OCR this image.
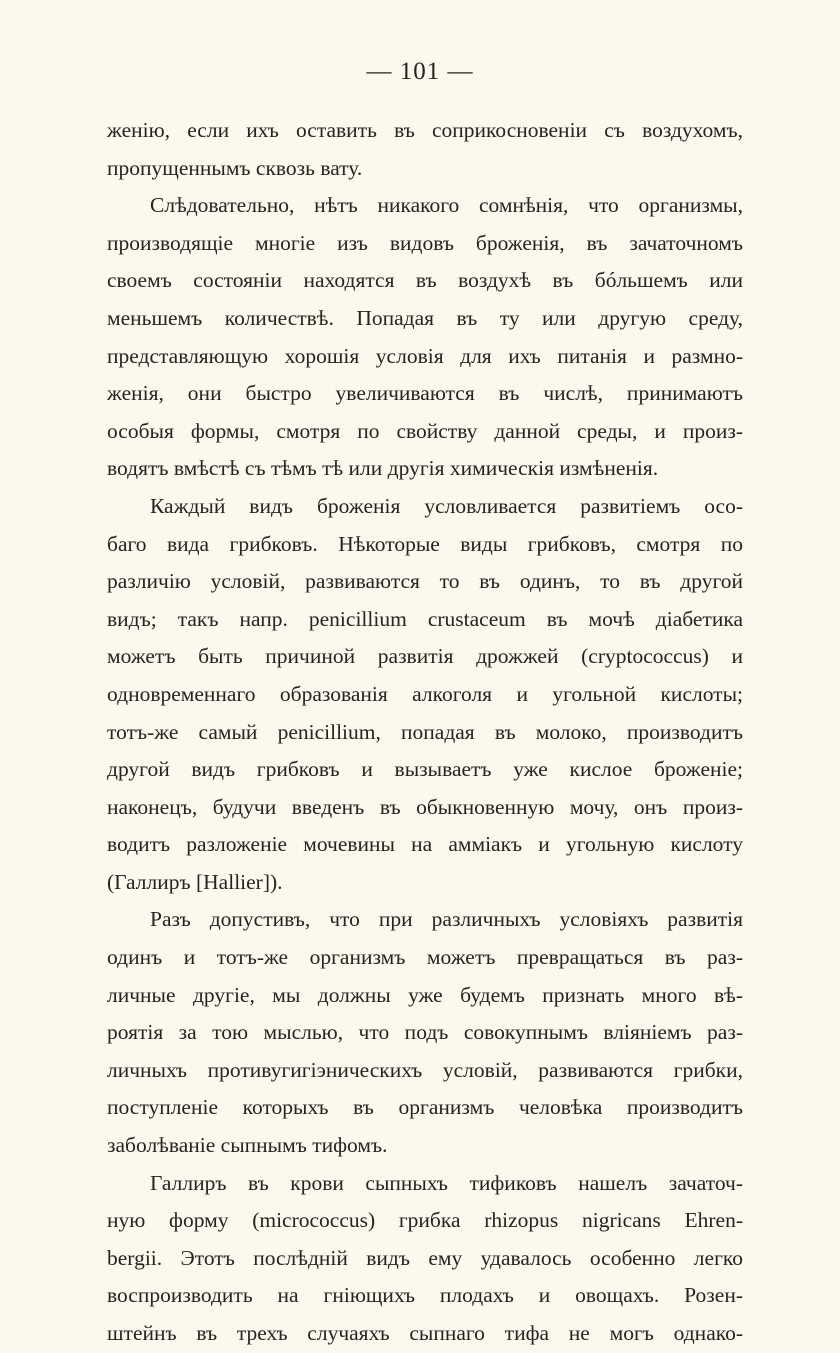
— 101 —
женію, если ихъ оставить въ соприкосновеніи съ воздухомъ,
пропущеннымъ сквозь вату.
Слѣдовательно, нѣтъ никакого сомнѣнія, что организмы,
производящіе многіе изъ видовъ броженія, въ зачаточномъ
своемъ состояніи находятся въ воздухѣ въ бóльшемъ или
меньшемъ количествѣ. Попадая въ ту или другую среду,
представляющую хорошія условія для ихъ питанія и размно-
женія, они быстро увеличиваются въ числѣ, принимаютъ
особыя формы, смотря по свойству данной среды, и произ-
водятъ вмѣстѣ съ тѣмъ тѣ или другія химическія измѣненія.
Каждый видъ броженія условливается развитіемъ осо-
баго вида грибковъ. Нѣкоторые виды грибковъ, смотря по
различію условій, развиваются то въ одинъ, то въ другой
видъ; такъ напр. penicillium crustaceum въ мочѣ діабетика
можетъ быть причиной развитія дрожжей (cryptococcus) и
одновременнаго образованія алкоголя и угольной кислоты;
тотъ-же самый penicillium, попадая въ молоко, производитъ
другой видъ грибковъ и вызываетъ уже кислое броженіе;
наконецъ, будучи введенъ въ обыкновенную мочу, онъ произ-
водитъ разложеніе мочевины на амміакъ и угольную кислоту
(Галлиръ [Hallier]).
Разъ допустивъ, что при различныхъ условіяхъ развитія
одинъ и тотъ-же организмъ можетъ превращаться въ раз-
личные другіе, мы должны уже будемъ признать много вѣ-
роятія за тою мыслью, что подъ совокупнымъ вліяніемъ раз-
личныхъ противугигіэническихъ условій, развиваются грибки,
поступленіе которыхъ въ организмъ человѣка производитъ
заболѣваніе сыпнымъ тифомъ.
Галлиръ въ крови сыпныхъ тификовъ нашелъ зачаточ-
ную форму (micrococcus) грибка rhizopus nigricans Ehren-
bergii. Этотъ послѣдній видъ ему удавалось особенно легко
воспроизводить на гніющихъ плодахъ и овощахъ. Розен-
штейнъ въ трехъ случаяхъ сыпнаго тифа не могъ однако-
